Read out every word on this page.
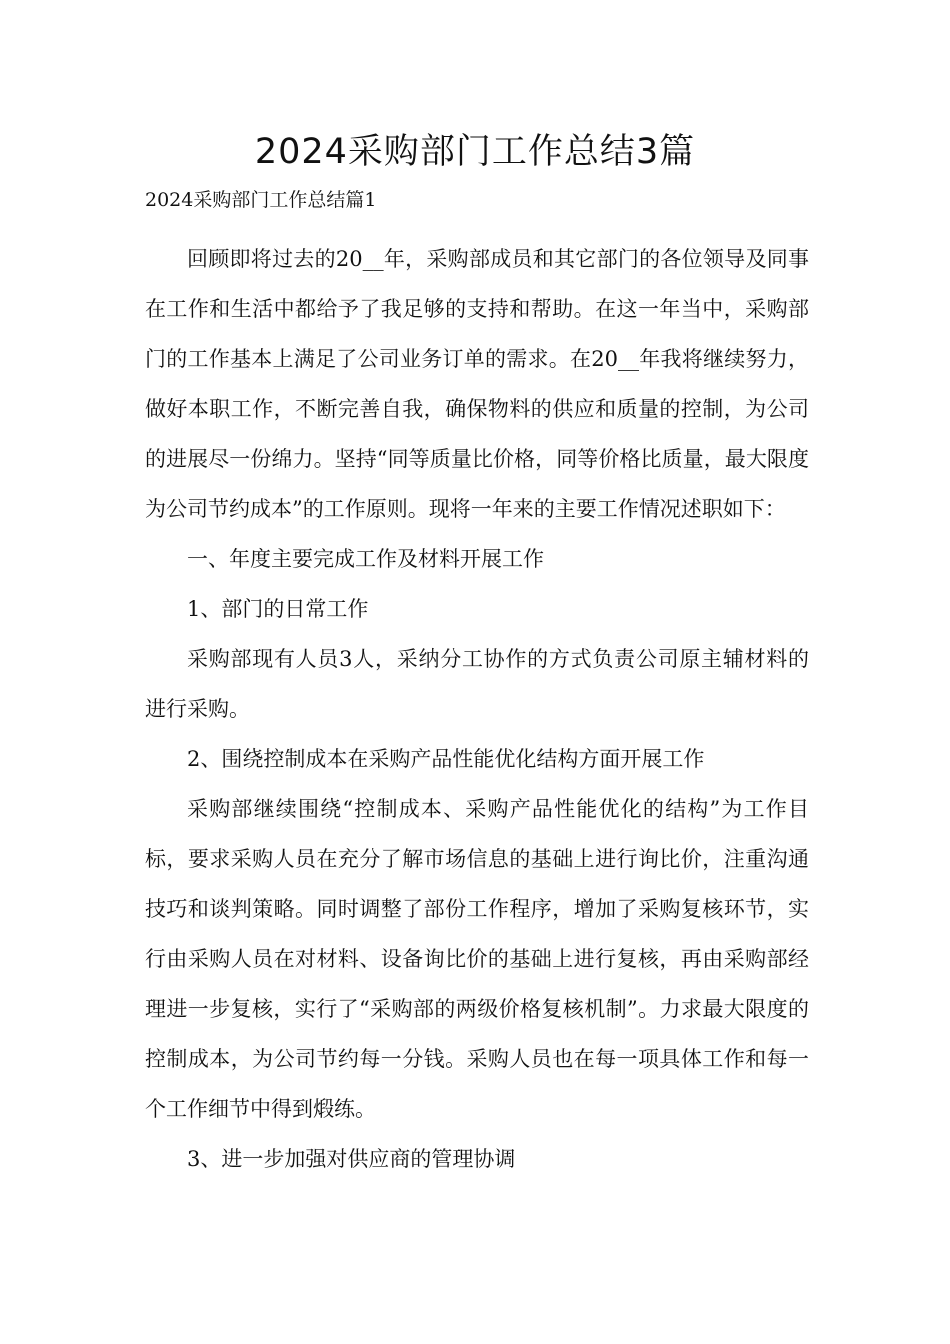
2024采购部门工作总结3篇
2024采购部门工作总结篇1

回顾即将过去的20__年，采购部成员和其它部门的各位领导及同事在工作和生活中都给予了我足够的支持和帮助。在这一年当中，采购部门的工作基本上满足了公司业务订单的需求。在20__年我将继续努力，做好本职工作，不断完善自我，确保物料的供应和质量的控制，为公司的进展尽一份绵力。坚持“同等质量比价格，同等价格比质量，最大限度为公司节约成本”的工作原则。现将一年来的主要工作情况述职如下：

一、年度主要完成工作及材料开展工作

1、部门的日常工作

采购部现有人员3人，采纳分工协作的方式负责公司原主辅材料的进行采购。

2、围绕控制成本在采购产品性能优化结构方面开展工作

采购部继续围绕“控制成本、采购产品性能优化的结构”为工作目标，要求采购人员在充分了解市场信息的基础上进行询比价，注重沟通技巧和谈判策略。同时调整了部份工作程序，增加了采购复核环节，实行由采购人员在对材料、设备询比价的基础上进行复核，再由采购部经理进一步复核，实行了“采购部的两级价格复核机制”。力求最大限度的控制成本，为公司节约每一分钱。采购人员也在每一项具体工作和每一个工作细节中得到煅练。

3、进一步加强对供应商的管理协调
